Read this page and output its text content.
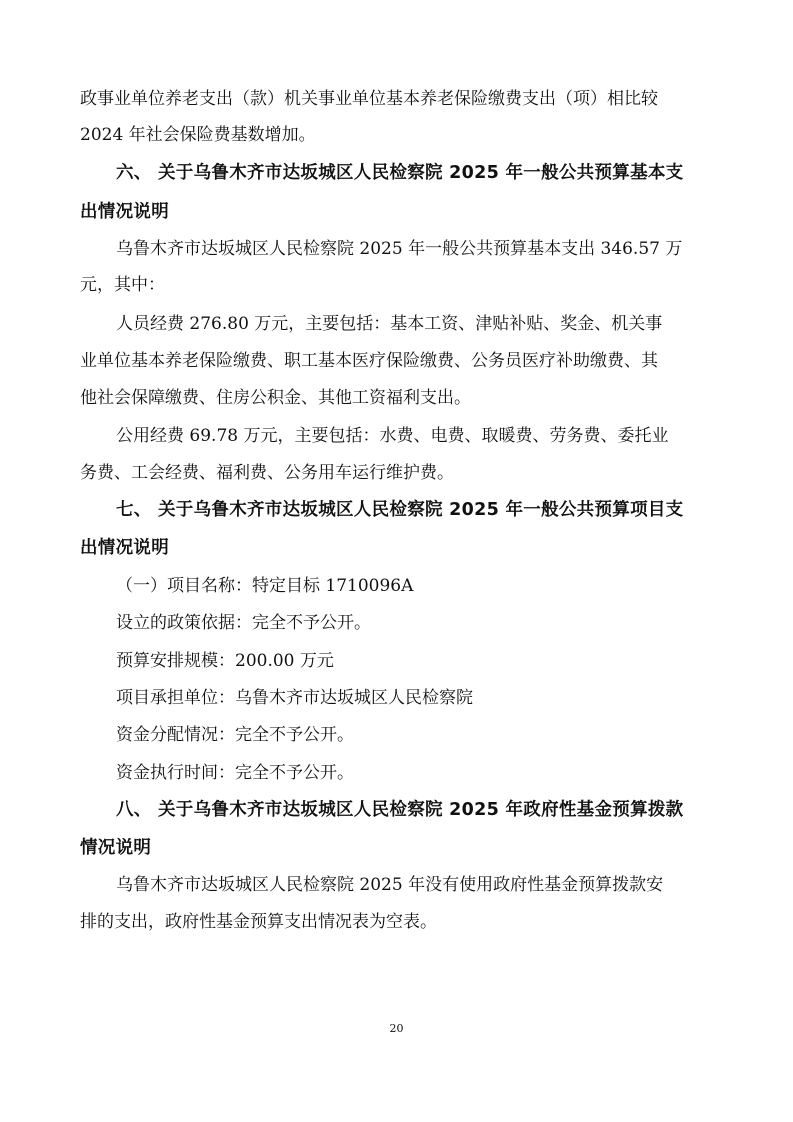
政事业单位养老支出（款）机关事业单位基本养老保险缴费支出（项）相比较
2024 年社会保险费基数增加。
六、 关于乌鲁木齐市达坂城区人民检察院 2025 年一般公共预算基本支
出情况说明
乌鲁木齐市达坂城区人民检察院 2025 年一般公共预算基本支出 346.57 万
元，其中：
人员经费 276.80 万元，主要包括：基本工资、津贴补贴、奖金、机关事
业单位基本养老保险缴费、职工基本医疗保险缴费、公务员医疗补助缴费、其
他社会保障缴费、住房公积金、其他工资福利支出。
公用经费 69.78 万元，主要包括：水费、电费、取暖费、劳务费、委托业
务费、工会经费、福利费、公务用车运行维护费。
七、 关于乌鲁木齐市达坂城区人民检察院 2025 年一般公共预算项目支
出情况说明
（一）项目名称：特定目标 1710096A
设立的政策依据：完全不予公开。
预算安排规模：200.00 万元
项目承担单位：乌鲁木齐市达坂城区人民检察院
资金分配情况：完全不予公开。
资金执行时间：完全不予公开。
八、 关于乌鲁木齐市达坂城区人民检察院 2025 年政府性基金预算拨款
情况说明
乌鲁木齐市达坂城区人民检察院 2025 年没有使用政府性基金预算拨款安
排的支出，政府性基金预算支出情况表为空表。
20
